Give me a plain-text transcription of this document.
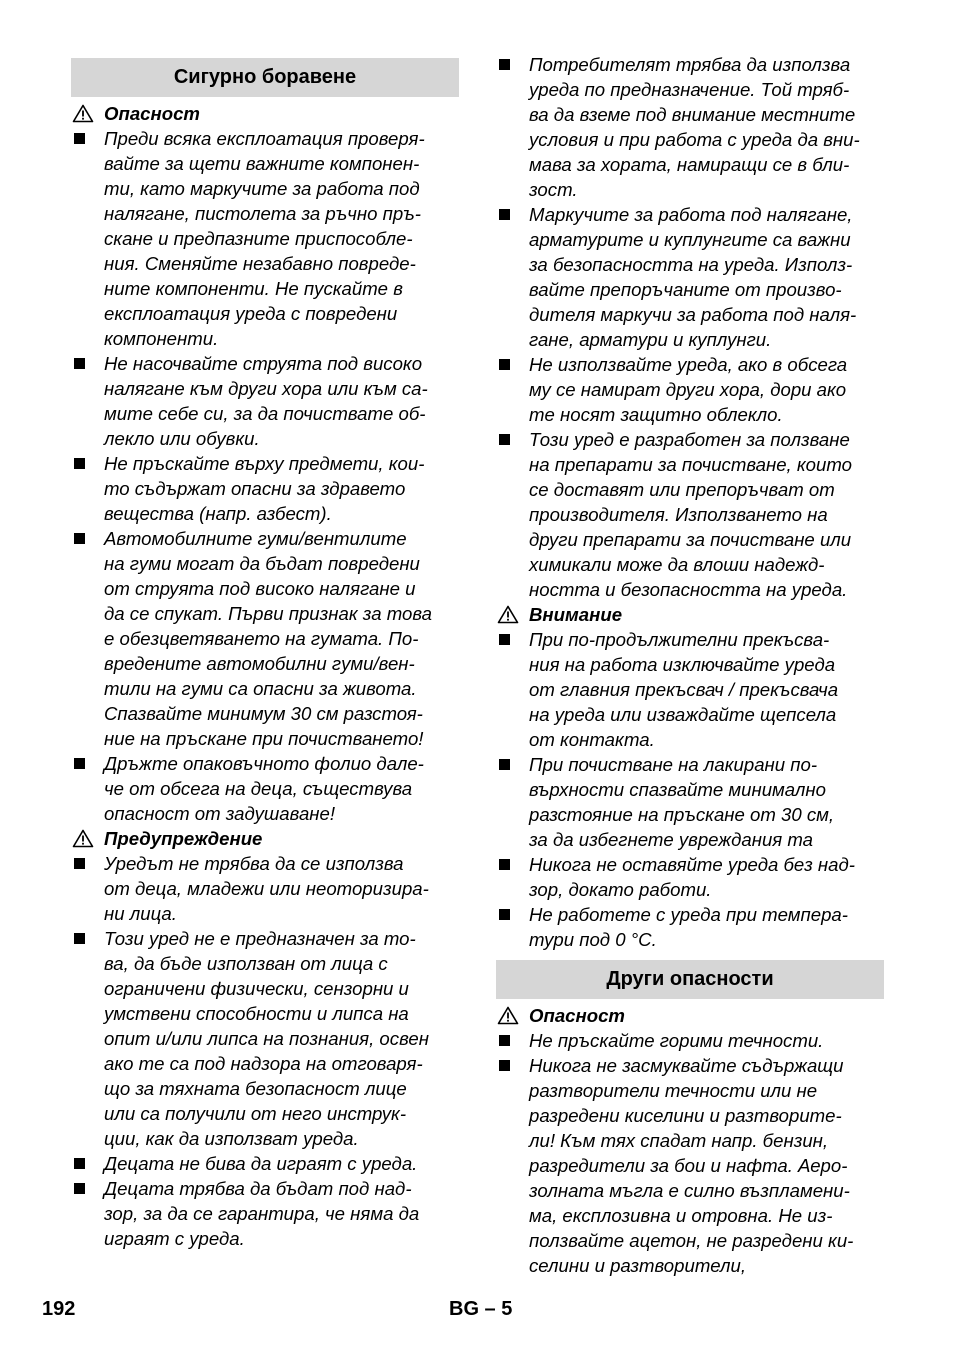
Сигурно боравене
Опасност
Преди всяка експлоатация проверя-
вайте за щети важните компонен-
ти, като маркучите за работа под
налягане, пистолета за ръчно пръ-
скане и предпазните приспособле-
ния. Сменяйте незабавно повреде-
ните компоненти. Не пускайте в
експлоатация уреда с повредени
компоненти.
Не насочвайте струята под високо
налягане към други хора или към са-
мите себе си, за да почиствате об-
лекло или обувки.
Не пръскайте върху предмети, кои-
то съдържат опасни за здравето
вещества (напр. азбест).
Автомобилните гуми/вентилите
на гуми могат да бъдат повредени
от струята под високо налягане и
да се спукат. Първи признак за това
е обезцветяването на гумата. По-
вредените автомобилни гуми/вен-
тили на гуми са опасни за живота.
Спазвайте минимум 30 см разстоя-
ние на пръскане при почистването!
Дръжте опаковъчното фолио дале-
че от обсега на деца, съществува
опасност от задушаване!
Предупреждение
Уредът не трябва да се използва
от деца, младежи или неоторизира-
ни лица.
Този уред не е предназначен за то-
ва, да бъде използван от лица с
ограничени физически, сензорни и
умствени способности и липса на
опит и/или липса на познания, освен
ако те са под надзора на отговаря-
що за тяхната безопасност лице
или са получили от него инструк-
ции, как да използват уреда.
Децата не бива да играят с уреда.
Децата трябва да бъдат под над-
зор, за да се гарантира, че няма да
играят с уреда.
Потребителят трябва да използва
уреда по предназначение. Той тряб-
ва да вземе под внимание местните
условия и при работа с уреда да вни-
мава за хората, намиращи се в бли-
зост.
Маркучите за работа под налягане,
арматурите и куплунгите са важни
за безопасността на уреда. Използ-
вайте препоръчаните от произво-
дителя маркучи за работа под наля-
гане, арматури и куплунги.
Не използвайте уреда, ако в обсега
му се намират други хора, дори ако
те носят защитно облекло.
Този уред е разработен за ползване
на препарати за почистване, които
се доставят или препоръчват от
производителя. Използването на
други препарати за почистване или
химикали може да влоши надежд-
ността и безопасността на уреда.
Внимание
При по-продължителни прекъсва-
ния на работа изключвайте уреда
от главния прекъсвач / прекъсвача
на уреда или изваждайте щепсела
от контакта.
При почистване на лакирани по-
върхности спазвайте минимално
разстояние на пръскане от 30 см,
за да избегнете увреждания та
Никога не оставяйте уреда без над-
зор, докато работи.
Не работете с уреда при темпера-
тури под 0 °C.
Други опасности
Опасност
Не пръскайте горими течности.
Никога не засмуквайте съдържащи
разтворители течности или не
разредени киселини и разтворите-
ли! Към тях спадат напр. бензин,
разредители за бои и нафта. Аеро-
золната мъгла е силно възпламени-
ма, експлозивна и отровна. Не из-
ползвайте ацетон, не разредени ки-
селини и разтворители,
192	BG – 5
